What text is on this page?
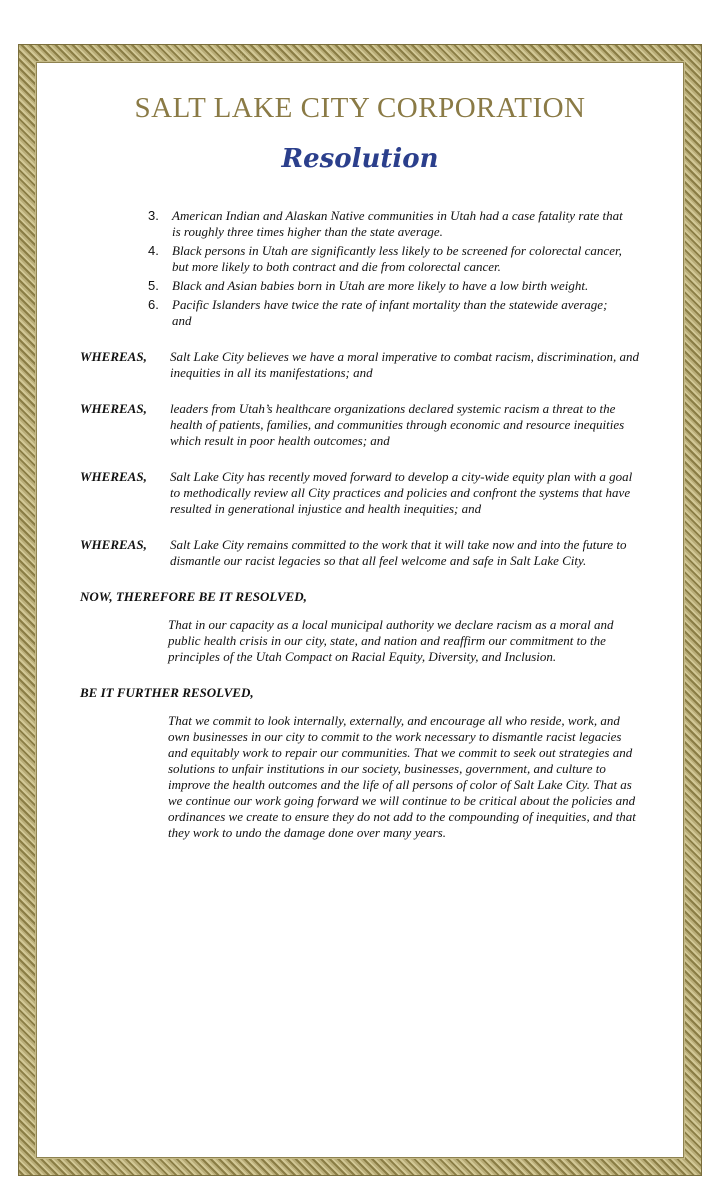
SALT LAKE CITY CORPORATION
Resolution
3.	American Indian and Alaskan Native communities in Utah had a case fatality rate that is roughly three times higher than the state average.
4.	Black persons in Utah are significantly less likely to be screened for colorectal cancer, but more likely to both contract and die from colorectal cancer.
5.	Black and Asian babies born in Utah are more likely to have a low birth weight.
6.	Pacific Islanders have twice the rate of infant mortality than the statewide average; and
WHEREAS,	Salt Lake City believes we have a moral imperative to combat racism, discrimination, and inequities in all its manifestations; and
WHEREAS,	leaders from Utah’s healthcare organizations declared systemic racism a threat to the health of patients, families, and communities through economic and resource inequities which result in poor health outcomes; and
WHEREAS,	Salt Lake City has recently moved forward to develop a city-wide equity plan with a goal to methodically review all City practices and policies and confront the systems that have resulted in generational injustice and health inequities; and
WHEREAS,	Salt Lake City remains committed to the work that it will take now and into the future to dismantle our racist legacies so that all feel welcome and safe in Salt Lake City.
NOW, THEREFORE BE IT RESOLVED,
That in our capacity as a local municipal authority we declare racism as a moral and public health crisis in our city, state, and nation and reaffirm our commitment to the principles of the Utah Compact on Racial Equity, Diversity, and Inclusion.
BE IT FURTHER RESOLVED,
That we commit to look internally, externally, and encourage all who reside, work, and own businesses in our city to commit to the work necessary to dismantle racist legacies and equitably work to repair our communities. That we commit to seek out strategies and solutions to unfair institutions in our society, businesses, government, and culture to improve the health outcomes and the life of all persons of color of Salt Lake City. That as we continue our work going forward we will continue to be critical about the policies and ordinances we create to ensure they do not add to the compounding of inequities, and that they work to undo the damage done over many years.
